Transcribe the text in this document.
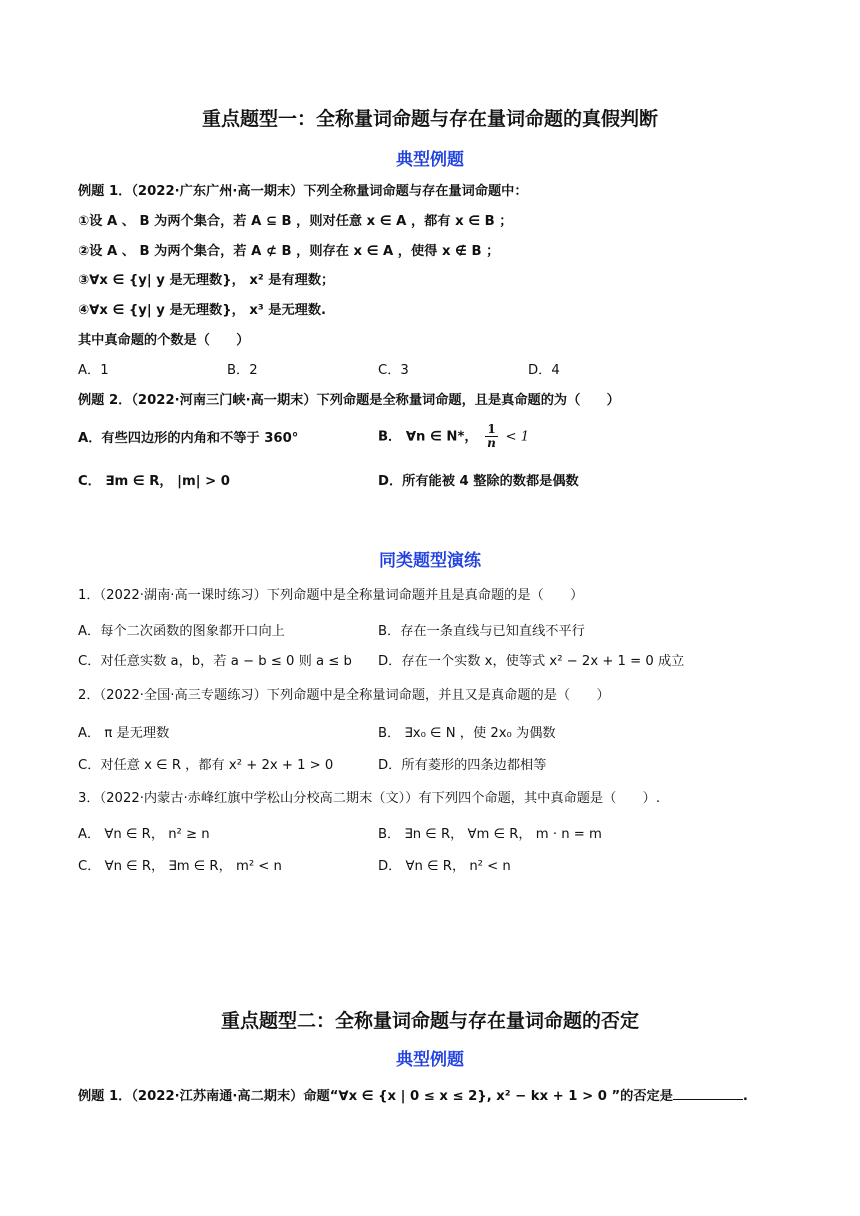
重点题型一：全称量词命题与存在量词命题的真假判断
典型例题
例题 1．（2022·广东广州·高一期末）下列全称量词命题与存在量词命题中：
①设 A 、 B 为两个集合，若 A ⊆ B ，则对任意 x ∈ A ，都有 x ∈ B ；
②设 A 、 B 为两个集合，若 A ⊄ B ，则存在 x ∈ A ，使得 x ∉ B ；
③∀x ∈ {y| y 是无理数}， x² 是有理数；
④∀x ∈ {y| y 是无理数}， x³ 是无理数.
其中真命题的个数是（　　）
A．1	B．2	C．3	D．4
例题 2．（2022·河南三门峡·高一期末）下列命题是全称量词命题，且是真命题的为（　　）
A．有些四边形的内角和不等于 360°	B． ∀n ∈ N*， $\frac{1}{n} < 1$
C． ∃m ∈ R， |m| > 0	D．所有能被 4 整除的数都是偶数
同类题型演练
1．（2022·湖南·高一课时练习）下列命题中是全称量词命题并且是真命题的是（　　）
A．每个二次函数的图象都开口向上	B．存在一条直线与已知直线不平行
C．对任意实数 a，b，若 a − b ≤ 0 则 a ≤ b D．存在一个实数 x，使等式 x² − 2x + 1 = 0 成立
2．（2022·全国·高三专题练习）下列命题中是全称量词命题，并且又是真命题的是（　　）
A． π 是无理数	B． ∃x₀ ∈ N ，使 2x₀ 为偶数
C．对任意 x ∈ R ，都有 x² + 2x + 1 > 0	D．所有菱形的四条边都相等
3．（2022·内蒙古·赤峰红旗中学松山分校高二期末（文））有下列四个命题，其中真命题是（　　）.
A． ∀n ∈ R， n² ≥ n	B． ∃n ∈ R， ∀m ∈ R， m · n = m
C． ∀n ∈ R， ∃m ∈ R， m² < n	D． ∀n ∈ R， n² < n
重点题型二：全称量词命题与存在量词命题的否定
典型例题
例题 1．（2022·江苏南通·高二期末）命题“∀x ∈ {x | 0 ≤ x ≤ 2}, x² − kx + 1 > 0 ”的否定是	.
